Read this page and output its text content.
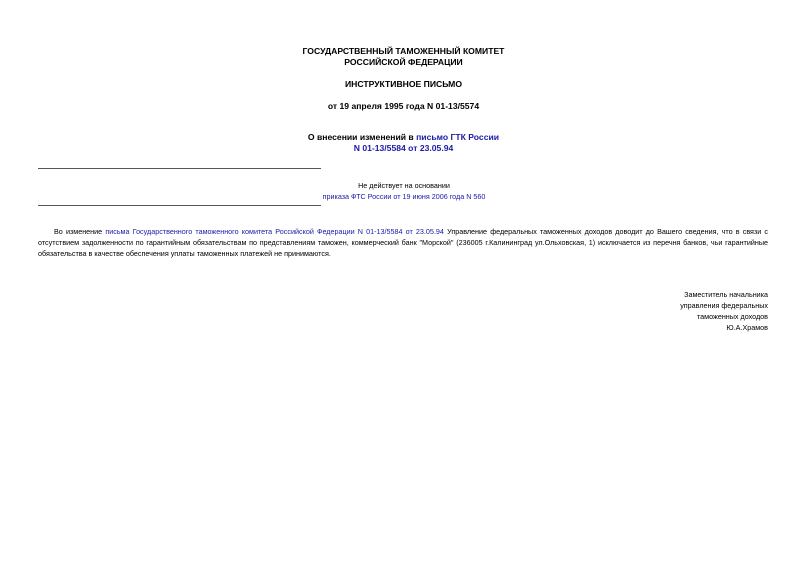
ГОСУДАРСТВЕННЫЙ ТАМОЖЕННЫЙ КОМИТЕТ
РОССИЙСКОЙ ФЕДЕРАЦИИ
ИНСТРУКТИВНОЕ ПИСЬМО
от 19 апреля 1995 года N 01-13/5574
О внесении изменений в письмо ГТК России
N 01-13/5584 от 23.05.94
Не действует на основании
приказа ФТС России от 19 июня 2006 года N 560
Во изменение письма Государственного таможенного комитета Российской Федерации N 01-13/5584 от 23.05.94 Управление федеральных таможенных доходов доводит до Вашего сведения, что в связи с отсутствием задолженности по гарантийным обязательствам по представлениям таможен, коммерческий банк "Морской" (236005 г.Калининград ул.Ольховская, 1) исключается из перечня банков, чьи гарантийные обязательства в качестве обеспечения уплаты таможенных платежей не принимаются.
Заместитель начальника
управления федеральных
таможенных доходов
Ю.А.Храмов
